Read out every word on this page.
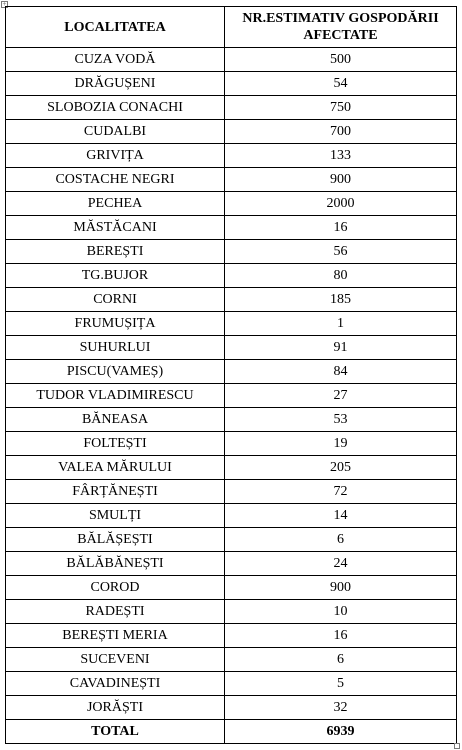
+
LOCALITATEA	NR.ESTIMATIV GOSPODĂRII
AFECTATE
CUZA VODĂ	500
DRĂGUȘENI	54
SLOBOZIA CONACHI	750
CUDALBI	700
GRIVIȚA	133
COSTACHE NEGRI	900
PECHEA	2000
MĂSTĂCANI	16
BEREȘTI	56
TG.BUJOR	80
CORNI	185
FRUMUȘIȚA	1
SUHURLUI	91
PISCU(VAMEȘ)	84
TUDOR VLADIMIRESCU	27
BĂNEASA	53
FOLTEȘTI	19
VALEA MĂRULUI	205
FÂRȚĂNEȘTI	72
SMULȚI	14
BĂLĂȘEȘTI	6
BĂLĂBĂNEȘTI	24
COROD	900
RADEȘTI	10
BEREȘTI MERIA	16
SUCEVENI	6
CAVADINEȘTI	5
JORĂȘTI	32
TOTAL	6939
